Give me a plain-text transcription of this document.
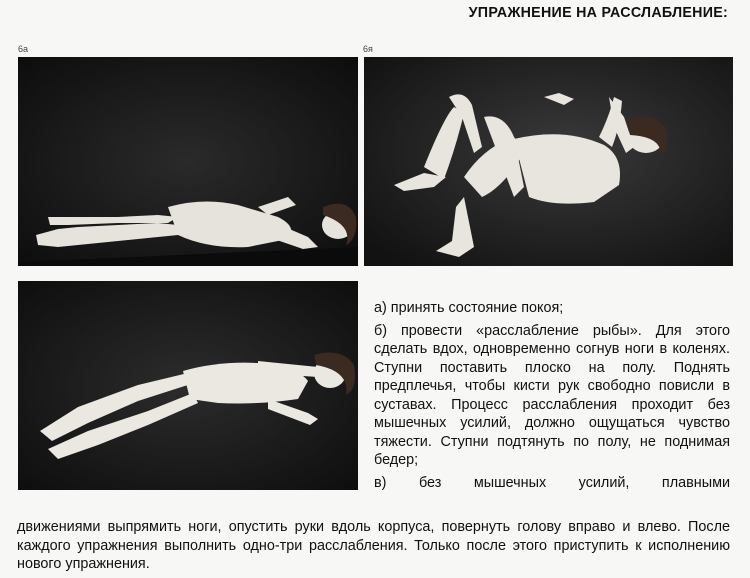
УПРАЖНЕНИЕ НА РАССЛАБЛЕНИЕ:
6а	6я

а) принять состояние покоя;

б) провести «расслабление рыбы». Для этого сделать вдох, одновременно согнув ноги в коленях. Ступни поставить плоско на полу. Поднять предплечья, чтобы кисти рук свободно повисли в суставах. Процесс расслабления проходит без мышечных усилий, должно ощущаться чувство тяжести. Ступни подтянуть по полу, не поднимая бедер;

в) без мышечных усилий, плавными

движениями выпрямить ноги, опустить руки вдоль корпуса, повернуть голову вправо и влево. После каждого упражнения выполнить одно-три расслабления. Только после этого приступить к исполнению нового упражнения.
